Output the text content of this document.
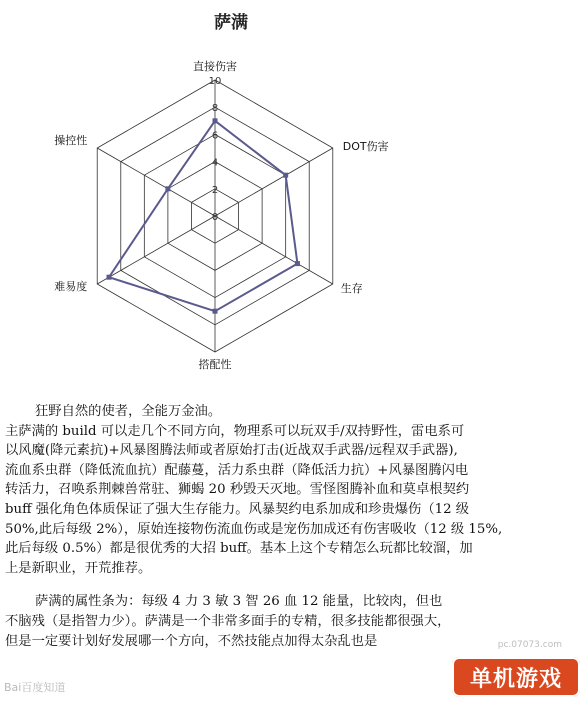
萨满
0
2
4
6
8
10
直接伤害
DOT伤害
生存
搭配性
难易度
操控性
狂野自然的使者，全能万金油。
主萨满的 build 可以走几个不同方向，物理系可以玩双手/双持野性，雷电系可
以风魔(降元素抗)+风暴图腾法师或者原始打击(近战双手武器/远程双手武器),
流血系虫群（降低流血抗）配藤蔓，活力系虫群（降低活力抗）+风暴图腾闪电
转活力，召唤系荆棘兽常驻、狮蝎 20 秒毁天灭地。雪怪图腾补血和莫卓根契约
buff 强化角色体质保证了强大生存能力。风暴契约电系加成和珍贵爆伤（12 级
50%,此后每级 2%），原始连接物伤流血伤或是宠伤加成还有伤害吸收（12 级 15%,
此后每级 0.5%）都是很优秀的大招 buff。基本上这个专精怎么玩都比较溜，加
上是新职业，开荒推荐。
萨满的属性条为：每级 4 力 3 敏 3 智 26 血 12 能量，比较肉，但也
不脑残（是指智力少）。萨满是一个非常多面手的专精，很多技能都很强大，
但是一定要计划好发展哪一个方向，不然技能点加得太杂乱也是
Bai百度知道
pc.07073.com
单机游戏
